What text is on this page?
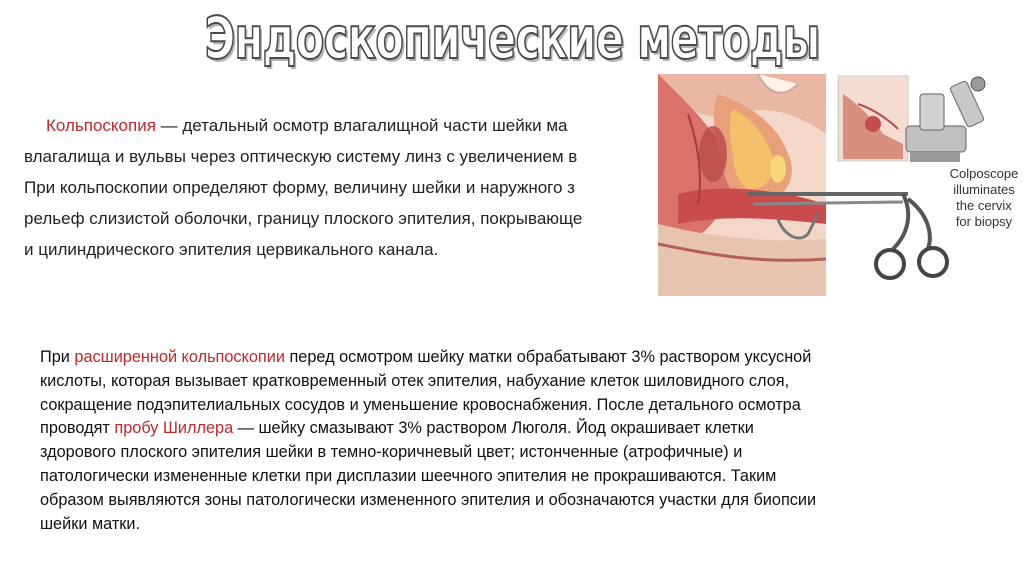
Эндоскопические методы
Кольпоскопия — детальный осмотр влагалищной части шейки ма
влагалища и вульвы через оптическую систему линз с увеличением в
При кольпоскопии определяют форму, величину шейки и наружного з
рельеф слизистой оболочки, границу плоского эпителия, покрывающе
и цилиндрического эпителия цервикального канала.
Colposcope
illuminates
the cervix
for biopsy
При расширенной кольпоскопии перед осмотром шейку матки обрабатывают 3% раствором уксусной
кислоты, которая вызывает кратковременный отек эпителия, набухание клеток шиловидного слоя,
сокращение подэпителиальных сосудов и уменьшение кровоснабжения. После детального осмотра
проводят пробу Шиллера — шейку смазывают 3% раствором Люголя. Йод окрашивает клетки
здорового плоского эпителия шейки в темно-коричневый цвет; истонченные (атрофичные) и
патологически измененные клетки при дисплазии шеечного эпителия не прокрашиваются. Таким
образом выявляются зоны патологически измененного эпителия и обозначаются участки для биопсии
шейки матки.
